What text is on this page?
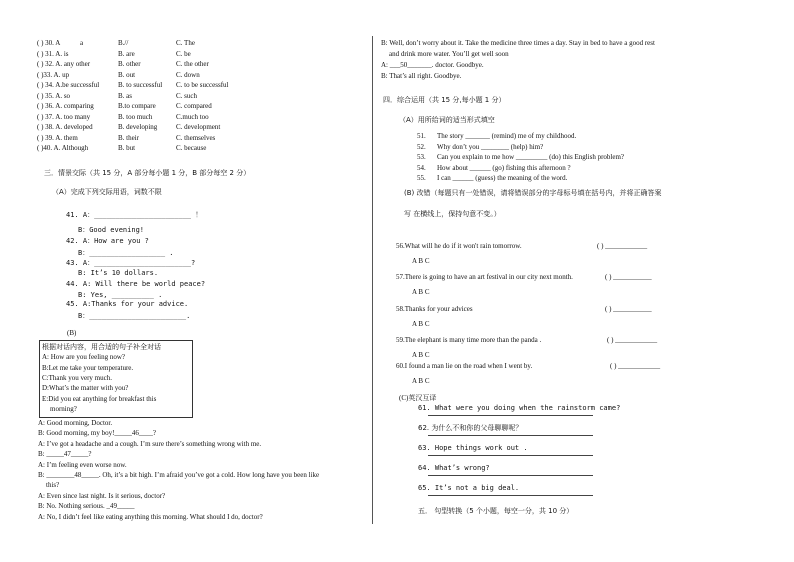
( ) 30. A	a	B.//	C. The
( ) 31. A. is	B. are	C. be
( ) 32. A. any other	B. other	C. the other
( )33. A. up	B. out	C. down
( ) 34. A.be successful	B. to successful C. to be successful
( ) 35. A. so	B. as	C. such
( ) 36. A. comparing	B.to compare	C. compared
( ) 37. A. too many	B. too much	C.much too
( ) 38. A. developed	B. developing	C. development
( ) 39. A. them	B. their	C. themselves
( )40. A. Although	B. but	C. because
三．情景交际（共 15 分，A 部分每小题 1 分，B 部分每空 2 分）
（A）完成下列交际用语，词数不限
41. A：_______________________ ！
B：Good evening!
42. A：How are you ?
B：__________________ .
43. A：_______________________?
B: It’s 10 dollars.
44. A: Will there be world peace?
B: Yes, __________ .
45. A:Thanks for your advice.
B：_______________________.
(B)
根据对话内容，用合适的句子补全对话
A: How are you feeling now?
B:Let me take your temperature.
C:Thank you very much.
D:What’s the matter with you?
E:Did you eat anything for breakfast this
morning?
A: Good morning, Doctor.
B: Good morning, my boy!_____46____?
A: I’ve got a headache and a cough. I’m sure there’s something wrong with me.
B: _____47_____?
A: I’m feeling even worse now.
B: ________48_____. Oh, it’s a bit high. I’m afraid you’ve got a cold. How long have you been like
this?
A: Even since last night. Is it serious, doctor?
B: No. Nothing serious. _49_____
A: No, I didn’t feel like eating anything this morning. What should I do, doctor?
B: Well, don’t worry about it. Take the medicine three times a day. Stay in bed to have a good rest
and drink more water. You’ll get well soon
A: ___50_______. doctor. Goodbye.
B: That’s all right. Goodbye.
四．综合运用（共 15 分,每小题 1 分）
（A）用所给词的适当形式填空
51. The story _______ (remind) me of my childhood.
52. Why don’t you ________ (help) him?
53. Can you explain to me how _________ (do) this English problem?
54. How about ______ (go) fishing this afternoon ?
55. I can ______ (guess) the meaning of the word.
(B) 改错（每题只有一处错误，请将错误部分的字母标号填在括号内，并将正确答案
写 在横线上，保持句意不变。）
56.What will he do if it won't rain tomorrow.	( ) ____________
A B C
57.There is going to have an art festival in our city next month.	( ) ___________
A B C
58.Thanks for your advices	( ) ___________
A B C
59.The elephant is many time more than the panda .	( ) ____________
A B C
60.I found a man lie on the road when I went by.	( ) ____________
A B C
(C)英汉互译
61. What were you doing when the rainstorm came?
62. 为什么不和你的父母聊聊呢？
63. Hope things work out .
64. What’s wrong?
65. It’s not a big deal.
五． 句型转换（5 个小题，每空一分，共 10 分）
